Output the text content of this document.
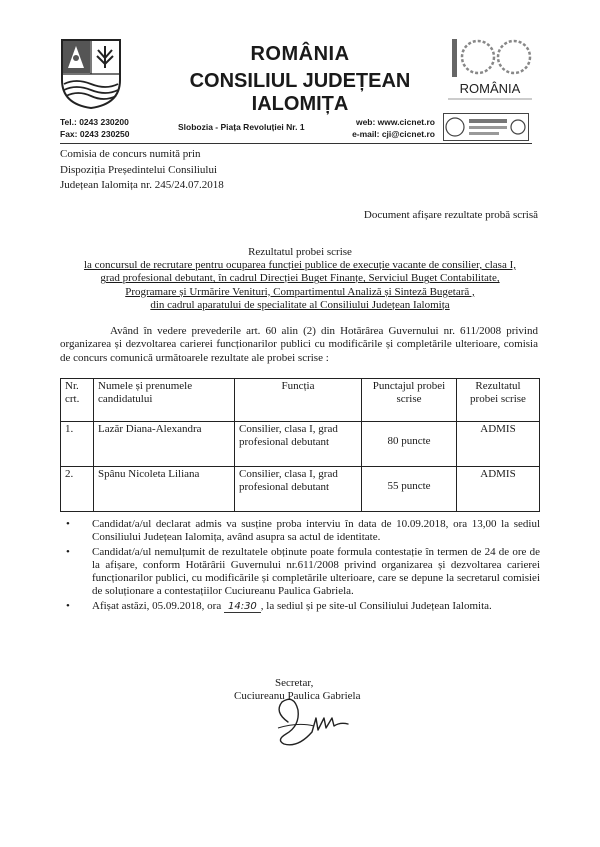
ROMÂNIA
CONSILIUL JUDEȚEAN IALOMIȚA
ROMÂNIA
Tel.: 0243 230200
Fax: 0243 230250
Slobozia - Piața Revoluției Nr. 1	web: www.cicnet.ro
e-mail: cji@cicnet.ro
Comisia de concurs numită prin
Dispoziția Președintelui Consiliului
Județean Ialomița nr. 245/24.07.2018
Document afișare rezultate probă scrisă
Rezultatul probei scrise
la concursul de recrutare pentru ocuparea funcției publice de execuție vacante de consilier, clasa I,
grad profesional debutant, în cadrul Direcției Buget Finanțe, Serviciul Buget Contabilitate,
Programare și Urmărire Venituri, Compartimentul Analiză și Sinteză Bugetară ,
din cadrul aparatului de specialitate al Consiliului Județean Ialomița
Având în vedere prevederile art. 60 alin (2) din Hotărârea Guvernului nr. 611/2008 privind organizarea și dezvoltarea carierei funcționarilor publici cu modificările și completările ulterioare, comisia de concurs comunică următoarele rezultate ale probei scrise :
Nr. crt.	Numele și prenumele candidatului	Funcția	Punctajul probei scrise	Rezultatul probei scrise
1.	Lazăr Diana-Alexandra	Consilier, clasa I, grad profesional debutant	80 puncte	ADMIS
2.	Spânu Nicoleta Liliana	Consilier, clasa I, grad profesional debutant	55 puncte	ADMIS
• Candidat/a/ul declarat admis va susține proba interviu în data de 10.09.2018, ora 13,00 la sediul Consiliului Județean Ialomița, având asupra sa actul de identitate.
• Candidat/a/ul nemulțumit de rezultatele obținute poate formula contestație în termen de 24 de ore de la afișare, conform Hotărârii Guvernului nr.611/2008 privind organizarea și dezvoltarea carierei funcționarilor publici, cu modificările și completările ulterioare, care se depune la secretarul comisiei de soluționare a contestațiilor Cuciureanu Paulica Gabriela.
• Afișat astăzi, 05.09.2018, ora 14:30 , la sediul și pe site-ul Consiliului Județean Ialomita.
Secretar,
Cuciureanu Paulica Gabriela
